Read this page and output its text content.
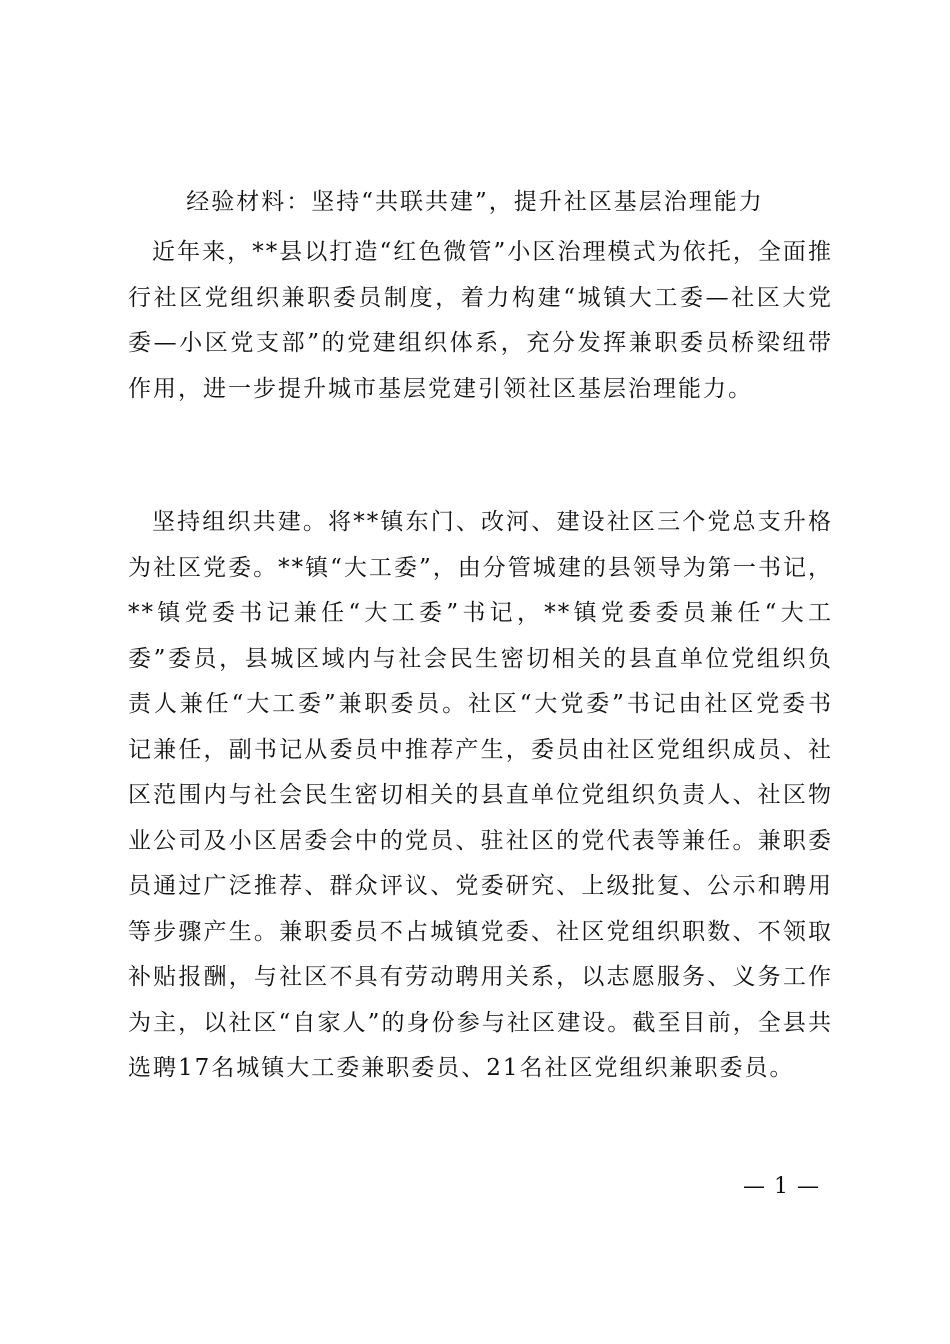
经验材料：坚持“共联共建”，提升社区基层治理能力

近年来，**县以打造“红色微管”小区治理模式为依托，全面推行社区党组织兼职委员制度，着力构建“城镇大工委—社区大党委—小区党支部”的党建组织体系，充分发挥兼职委员桥梁纽带作用，进一步提升城市基层党建引领社区基层治理能力。

坚持组织共建。将**镇东门、改河、建设社区三个党总支升格为社区党委。**镇“大工委”，由分管城建的县领导为第一书记，**镇党委书记兼任“大工委”书记，**镇党委委员兼任“大工委”委员，县城区域内与社会民生密切相关的县直单位党组织负责人兼任“大工委”兼职委员。社区“大党委”书记由社区党委书记兼任，副书记从委员中推荐产生，委员由社区党组织成员、社区范围内与社会民生密切相关的县直单位党组织负责人、社区物业公司及小区居委会中的党员、驻社区的党代表等兼任。兼职委员通过广泛推荐、群众评议、党委研究、上级批复、公示和聘用等步骤产生。兼职委员不占城镇党委、社区党组织职数、不领取补贴报酬，与社区不具有劳动聘用关系，以志愿服务、义务工作为主，以社区“自家人”的身份参与社区建设。截至目前，全县共选聘17名城镇大工委兼职委员、21名社区党组织兼职委员。

— 1 —
